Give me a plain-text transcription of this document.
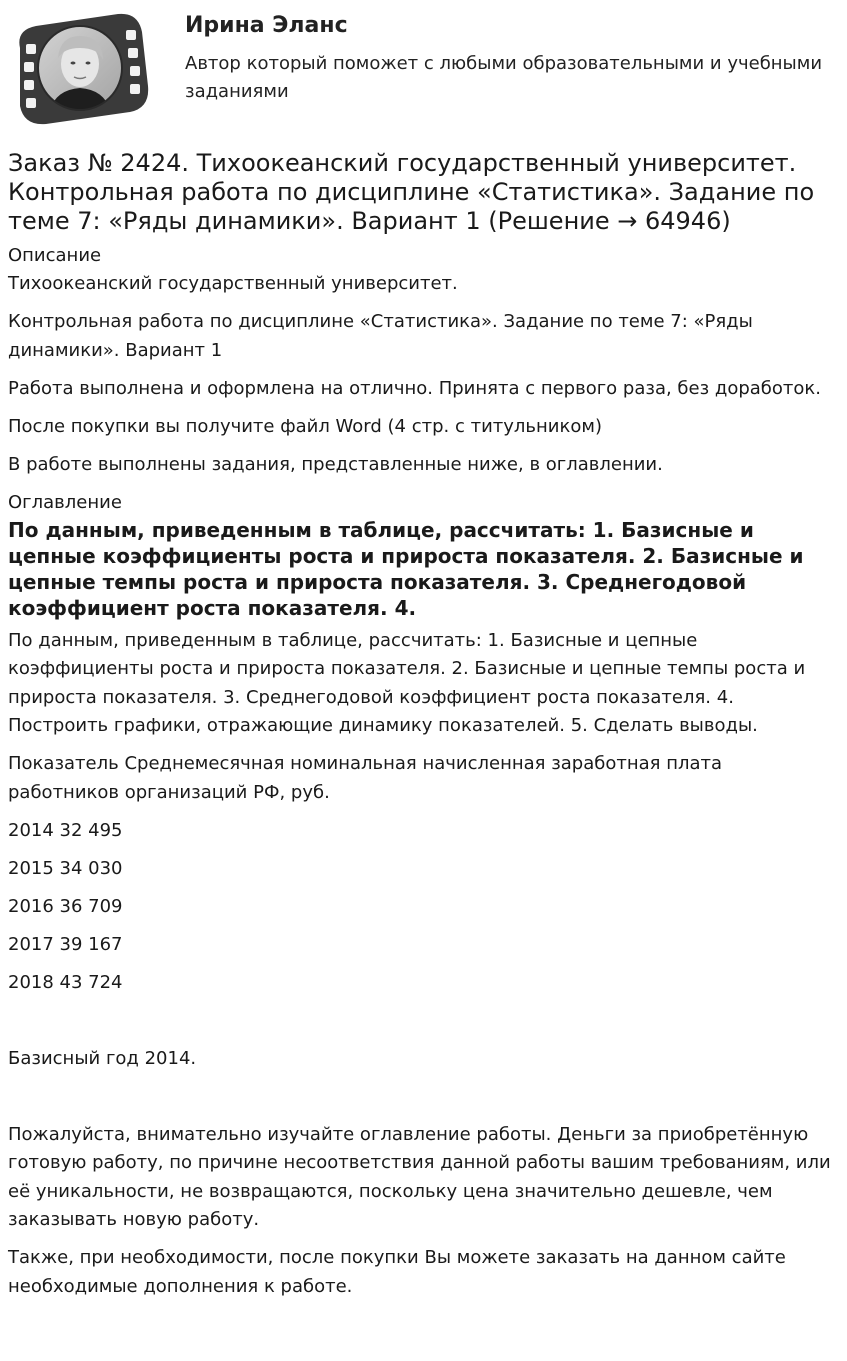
Ирина Эланс
Автор который поможет с любыми образовательными и учебными заданиями
Заказ № 2424. Тихоокеанский государственный университет. Контрольная работа по дисциплине «Статистика». Задание по теме 7: «Ряды динамики». Вариант 1 (Решение → 64946)
Описание

Тихоокеанский государственный университет.

Контрольная работа по дисциплине «Статистика». Задание по теме 7: «Ряды динамики». Вариант 1

Работа выполнена и оформлена на отлично. Принята с первого раза, без доработок.

После покупки вы получите файл Word (4 стр. с титульником)

В работе выполнены задания, представленные ниже, в оглавлении.

Оглавление
По данным, приведенным в таблице, рассчитать: 1. Базисные и цепные коэффициенты роста и прироста показателя. 2. Базисные и цепные темпы роста и прироста показателя. 3. Среднегодовой коэффициент роста показателя. 4.

По данным, приведенным в таблице, рассчитать: 1. Базисные и цепные коэффициенты роста и прироста показателя. 2. Базисные и цепные темпы роста и прироста показателя. 3. Среднегодовой коэффициент роста показателя. 4. Построить графики, отражающие динамику показателей. 5. Сделать выводы.

Показатель Среднемесячная номинальная начисленная заработная плата работников организаций РФ, руб.

2014 32 495

2015 34 030

2016 36 709

2017 39 167

2018 43 724

Базисный год 2014.

Пожалуйста, внимательно изучайте оглавление работы. Деньги за приобретённую готовую работу, по причине несоответствия данной работы вашим требованиям, или её уникальности, не возвращаются, поскольку цена значительно дешевле, чем заказывать новую работу.

Также, при необходимости, после покупки Вы можете заказать на данном сайте необходимые дополнения к работе.
